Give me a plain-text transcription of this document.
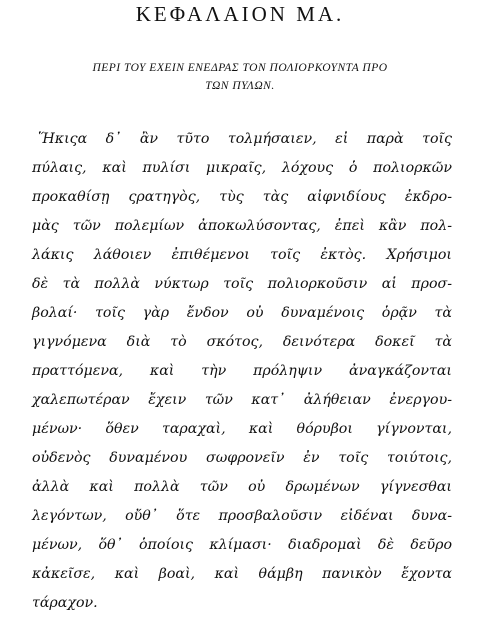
ΚΕΦΑΛΑΙΟΝ ΜΑ.
ΠΕΡΙ ΤΟΥ ΕΧΕΙΝ ΕΝΕΔΡΑΣ ΤΟΝ ΠΟΛΙΟΡΚΟΥΝΤΑ ΠΡΟ
ΤΩΝ ΠΥΛΩΝ.
Ἥκιςα δ᾽ ἂν τῦτο τολμήσαιεν, εἰ παρὰ τοῖς
πύλαις, καὶ πυλίσι μικραῖς, λόχους ὁ πολιορκῶν
προκαθίσῃ ςρατηγὸς, τὺς τὰς αἰφνιδίους ἐκδρο-
μὰς τῶν πολεμίων ἀποκωλύσοντας, ἐπεὶ κἂν πολ-
λάκις λάθοιεν ἐπιθέμενοι τοῖς ἐκτὸς. Χρήσιμοι
δὲ τὰ πολλὰ νύκτωρ τοῖς πολιορκοῦσιν αἱ προσ-
βολαί· τοῖς γὰρ ἔνδον οὐ δυναμένοις ὁρᾷν τὰ
γιγνόμενα διὰ τὸ σκότος, δεινότερα δοκεῖ τὰ
πραττόμενα, καὶ τὴν πρόληψιν ἀναγκάζονται
χαλεπωτέραν ἔχειν τῶν κατ᾽ ἀλήθειαν ἐνεργου-
μένων· ὅθεν ταραχαὶ, καὶ θόρυβοι γίγνονται,
οὐδενὸς δυναμένου σωφρονεῖν ἐν τοῖς τοιύτοις,
ἀλλὰ καὶ πολλὰ τῶν οὐ δρωμένων γίγνεσθαι
λεγόντων, οὔθ᾽ ὅτε προσβαλοῦσιν εἰδέναι δυνα-
μένων, ὅθ᾽ ὁποίοις κλίμασι· διαδρομαὶ δὲ δεῦρο
κἀκεῖσε, καὶ βοαὶ, καὶ θάμβη πανικὸν ἔχοντα
τάραχον.
